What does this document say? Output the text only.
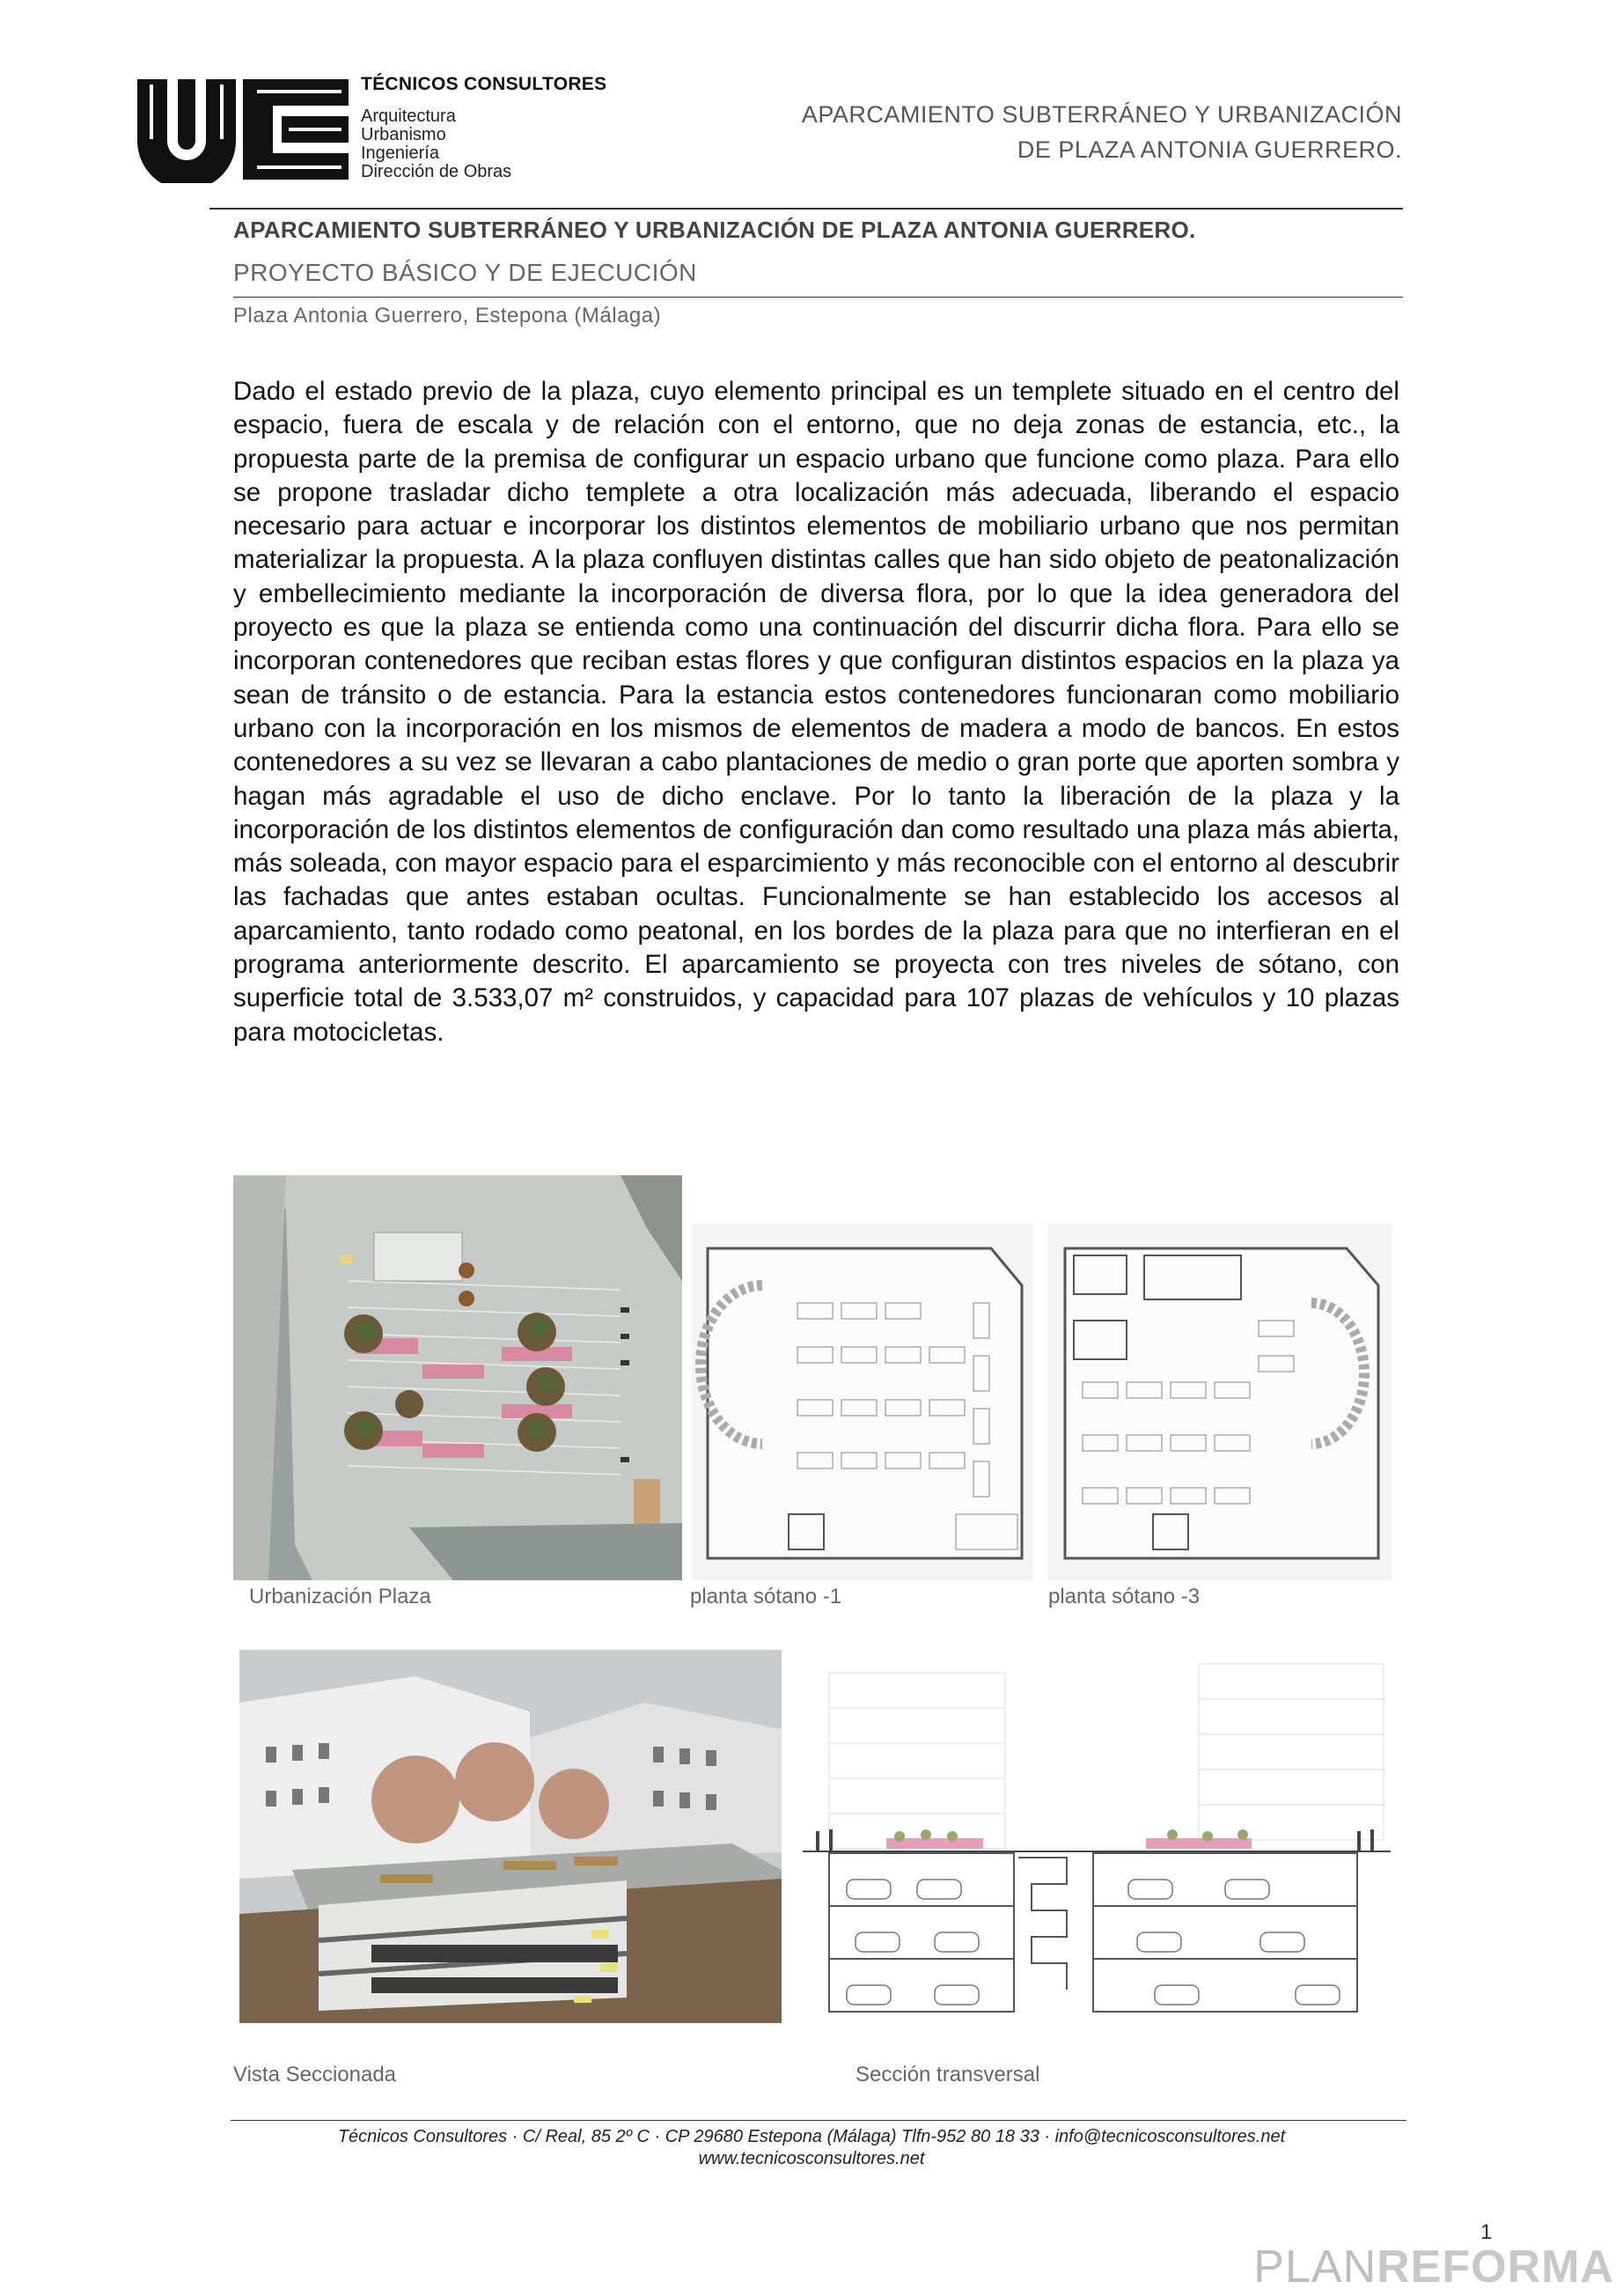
TÉCNICOS CONSULTORES
Arquitectura
Urbanismo
Ingeniería
Dirección de Obras
APARCAMIENTO SUBTERRÁNEO Y URBANIZACIÓN
DE PLAZA ANTONIA GUERRERO.
APARCAMIENTO SUBTERRÁNEO Y URBANIZACIÓN DE PLAZA ANTONIA GUERRERO.
PROYECTO BÁSICO Y DE EJECUCIÓN
Plaza Antonia Guerrero, Estepona (Málaga)
Dado el estado previo de la plaza, cuyo elemento principal es un templete situado en el centro del espacio, fuera de escala y de relación con el entorno, que no deja zonas de estancia, etc., la propuesta parte de la premisa de configurar un espacio urbano que funcione como plaza. Para ello se propone trasladar dicho templete a otra localización más adecuada, liberando el espacio necesario para actuar e incorporar los distintos elementos de mobiliario urbano que nos permitan materializar la propuesta. A la plaza confluyen distintas calles que han sido objeto de peatonalización y embellecimiento mediante la incorporación de diversa flora, por lo que la idea generadora del proyecto es que la plaza se entienda como una continuación del discurrir dicha flora. Para ello se incorporan contenedores que reciban estas flores y que configuran distintos espacios en la plaza ya sean de tránsito o de estancia. Para la estancia estos contenedores funcionaran como mobiliario urbano con la incorporación en los mismos de elementos de madera a modo de bancos. En estos contenedores a su vez se llevaran a cabo plantaciones de medio o gran porte que aporten sombra y hagan más agradable el uso de dicho enclave. Por lo tanto la liberación de la plaza y la incorporación de los distintos elementos de configuración dan como resultado una plaza más abierta, más soleada, con mayor espacio para el esparcimiento y más reconocible con el entorno al descubrir las fachadas que antes estaban ocultas. Funcionalmente se han establecido los accesos al aparcamiento, tanto rodado como peatonal, en los bordes de la plaza para que no interfieran en el programa anteriormente descrito. El aparcamiento se proyecta con tres niveles de sótano, con superficie total de 3.533,07 m² construidos, y capacidad para 107 plazas de vehículos y 10 plazas para motocicletas.
Urbanización Plaza	planta sótano -1	planta sótano -3
Vista Seccionada	Sección transversal
Técnicos Consultores · C/ Real, 85 2º C · CP 29680 Estepona (Málaga) Tlfn-952 80 18 33 · info@tecnicosconsultores.net
www.tecnicosconsultores.net
1
PLANREFORMA
